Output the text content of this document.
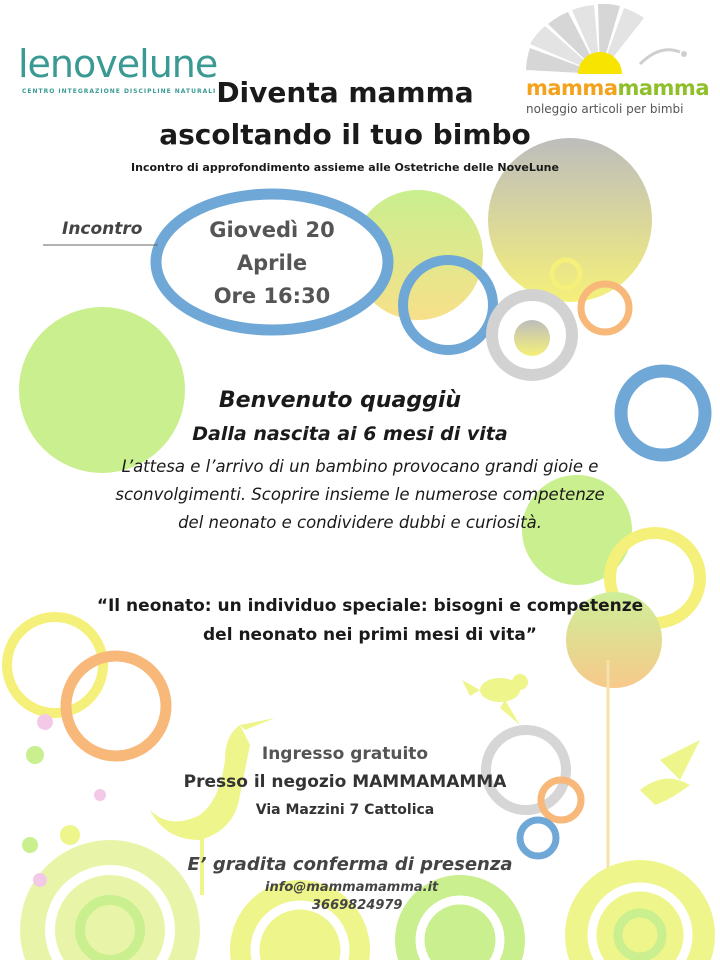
lenovelune
CENTRO INTEGRAZIONE DISCIPLINE NATURALI	mammamamma
noleggio articoli per bimbi
Diventa mamma
ascoltando il tuo bimbo
Incontro di approfondimento assieme alle Ostetriche delle NoveLune
Incontro	Giovedì 20
Aprile
Ore 16:30
Benvenuto quaggiù
Dalla nascita ai 6 mesi di vita
L’attesa e l’arrivo di un bambino provocano grandi gioie e
sconvolgimenti. Scoprire insieme le numerose competenze
del neonato e condividere dubbi e curiosità.
“Il neonato: un individuo speciale: bisogni e competenze
del neonato nei primi mesi di vita”
Ingresso gratuito
Presso il negozio MAMMAMAMMA
Via Mazzini 7 Cattolica
E’ gradita conferma di presenza
info@mammamamma.it
3669824979
